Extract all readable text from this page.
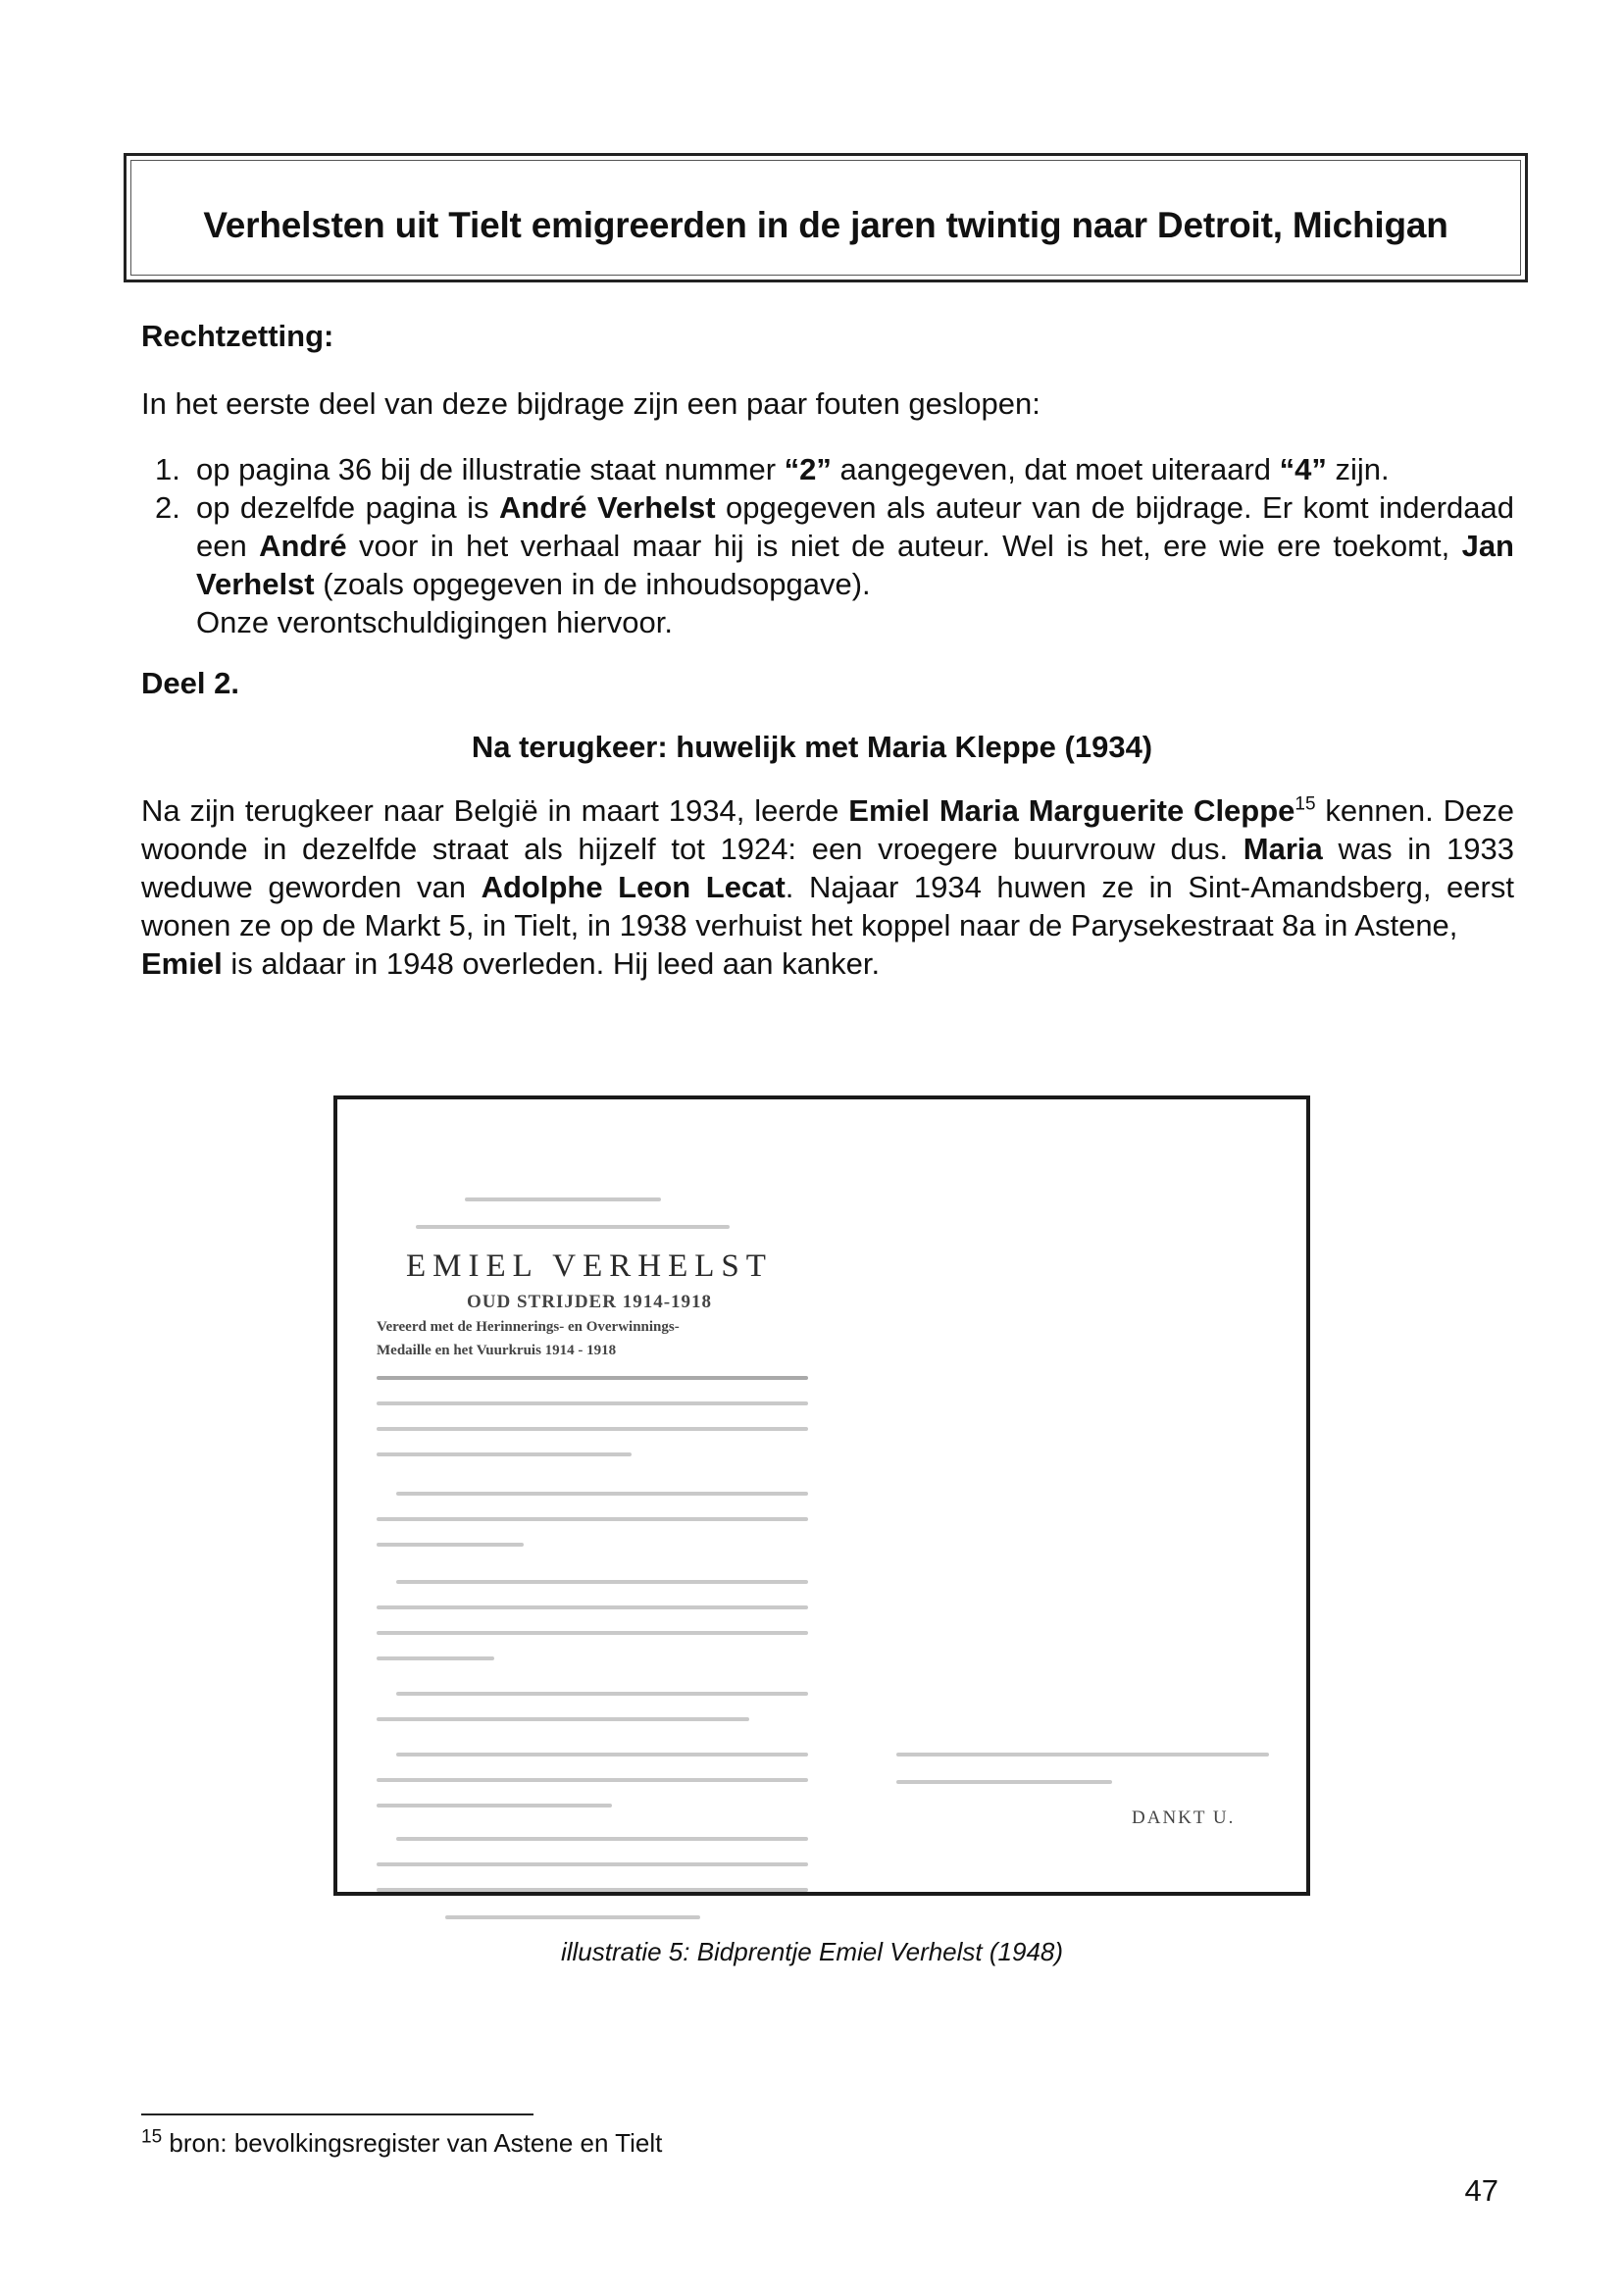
Verhelsten uit Tielt emigreerden in de jaren twintig naar Detroit, Michigan
Rechtzetting:
In het eerste deel van deze bijdrage zijn een paar fouten geslopen:
1. op pagina 36 bij de illustratie staat nummer “2” aangegeven, dat moet uiteraard “4” zijn.
2. op dezelfde pagina is André Verhelst opgegeven als auteur van de bijdrage. Er komt inderdaad een André voor in het verhaal maar hij is niet de auteur. Wel is het, ere wie ere toekomt, Jan Verhelst (zoals opgegeven in de inhoudsopgave).
Onze verontschuldigingen hiervoor.
Deel 2.
Na terugkeer: huwelijk met Maria Kleppe (1934)

Na zijn terugkeer naar België in maart 1934, leerde Emiel Maria Marguerite Cleppe$^{15}$ kennen. Deze woonde in dezelfde straat als hijzelf tot 1924: een vroegere buurvrouw dus. Maria was in 1933 weduwe geworden van Adolphe Leon Lecat. Najaar 1934 huwen ze in Sint-Amandsberg, eerst wonen ze op de Markt 5, in Tielt, in 1938 verhuist het koppel naar de Parysekestraat 8a in Astene,

Emiel is aldaar in 1948 overleden. Hij leed aan kanker.

EMIEL VERHELST
OUD STRIJDER 1914-1918
Vereerd met de Herinnerings- en Overwinnings-
Medaille en het Vuurkruis 1914 - 1918
DANKT U.
illustratie 5: Bidprentje Emiel Verhelst (1948)
$^{15}$ bron: bevolkingsregister van Astene en Tielt
47
